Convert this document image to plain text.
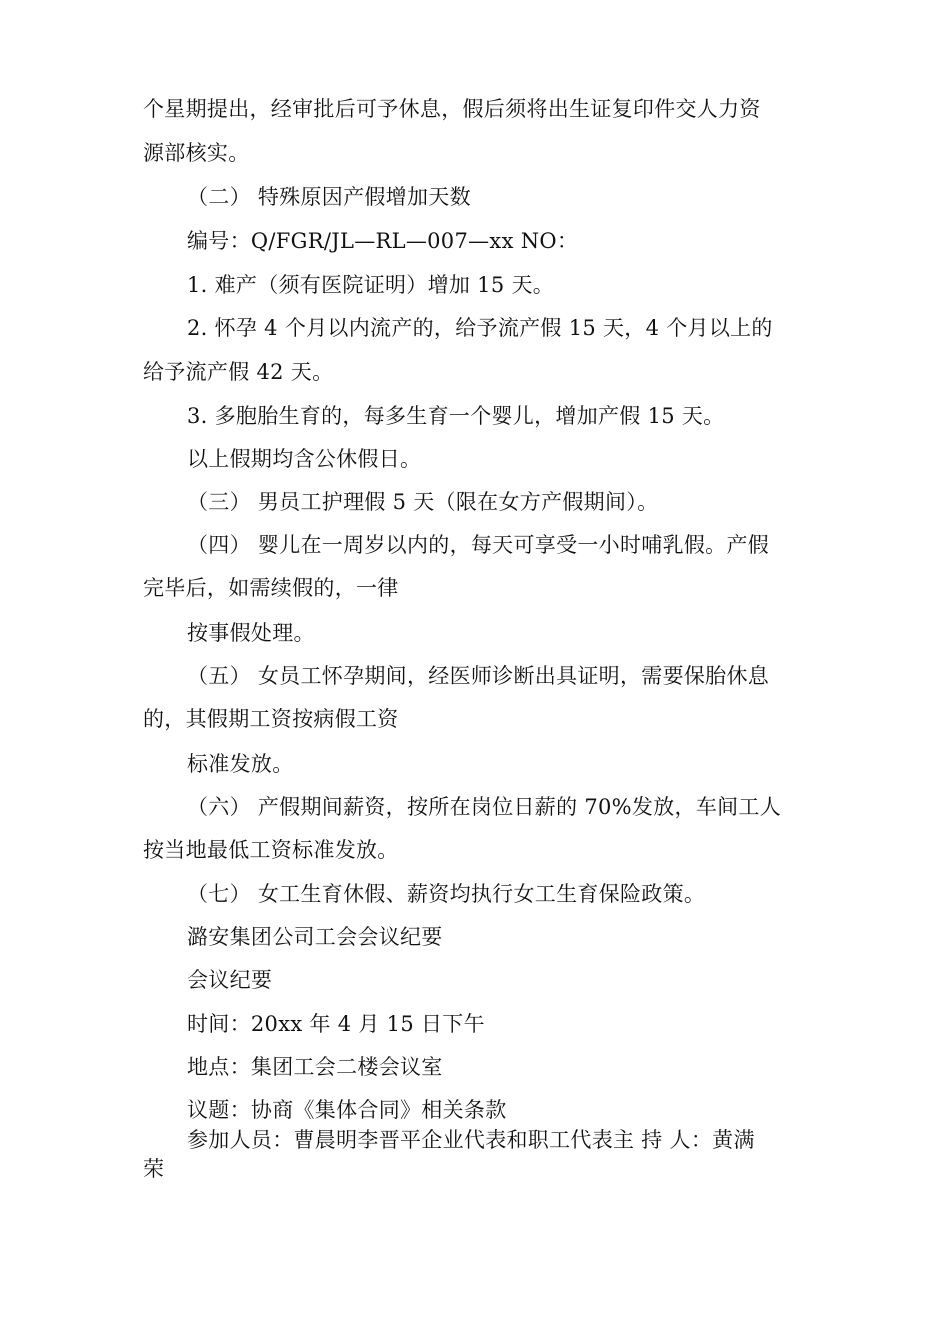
个星期提出，经审批后可予休息，假后须将出生证复印件交人力资
源部核实。
（二） 特殊原因产假增加天数
编号：Q/FGR/JL—RL—007—xx NO：
1. 难产（须有医院证明）增加 15 天。
2. 怀孕 4 个月以内流产的，给予流产假 15 天，4 个月以上的
给予流产假 42 天。
3. 多胞胎生育的，每多生育一个婴儿，增加产假 15 天。
以上假期均含公休假日。
（三） 男员工护理假 5 天（限在女方产假期间）。
（四） 婴儿在一周岁以内的，每天可享受一小时哺乳假。产假
完毕后，如需续假的，一律
按事假处理。
（五） 女员工怀孕期间，经医师诊断出具证明，需要保胎休息
的，其假期工资按病假工资
标准发放。
（六） 产假期间薪资，按所在岗位日薪的 70%发放，车间工人
按当地最低工资标准发放。
（七） 女工生育休假、薪资均执行女工生育保险政策。
潞安集团公司工会会议纪要
会议纪要
时间：20xx 年 4 月 15 日下午
地点：集团工会二楼会议室
议题：协商《集体合同》相关条款
参加人员：曹晨明李晋平企业代表和职工代表主 持 人：黄满
荣
